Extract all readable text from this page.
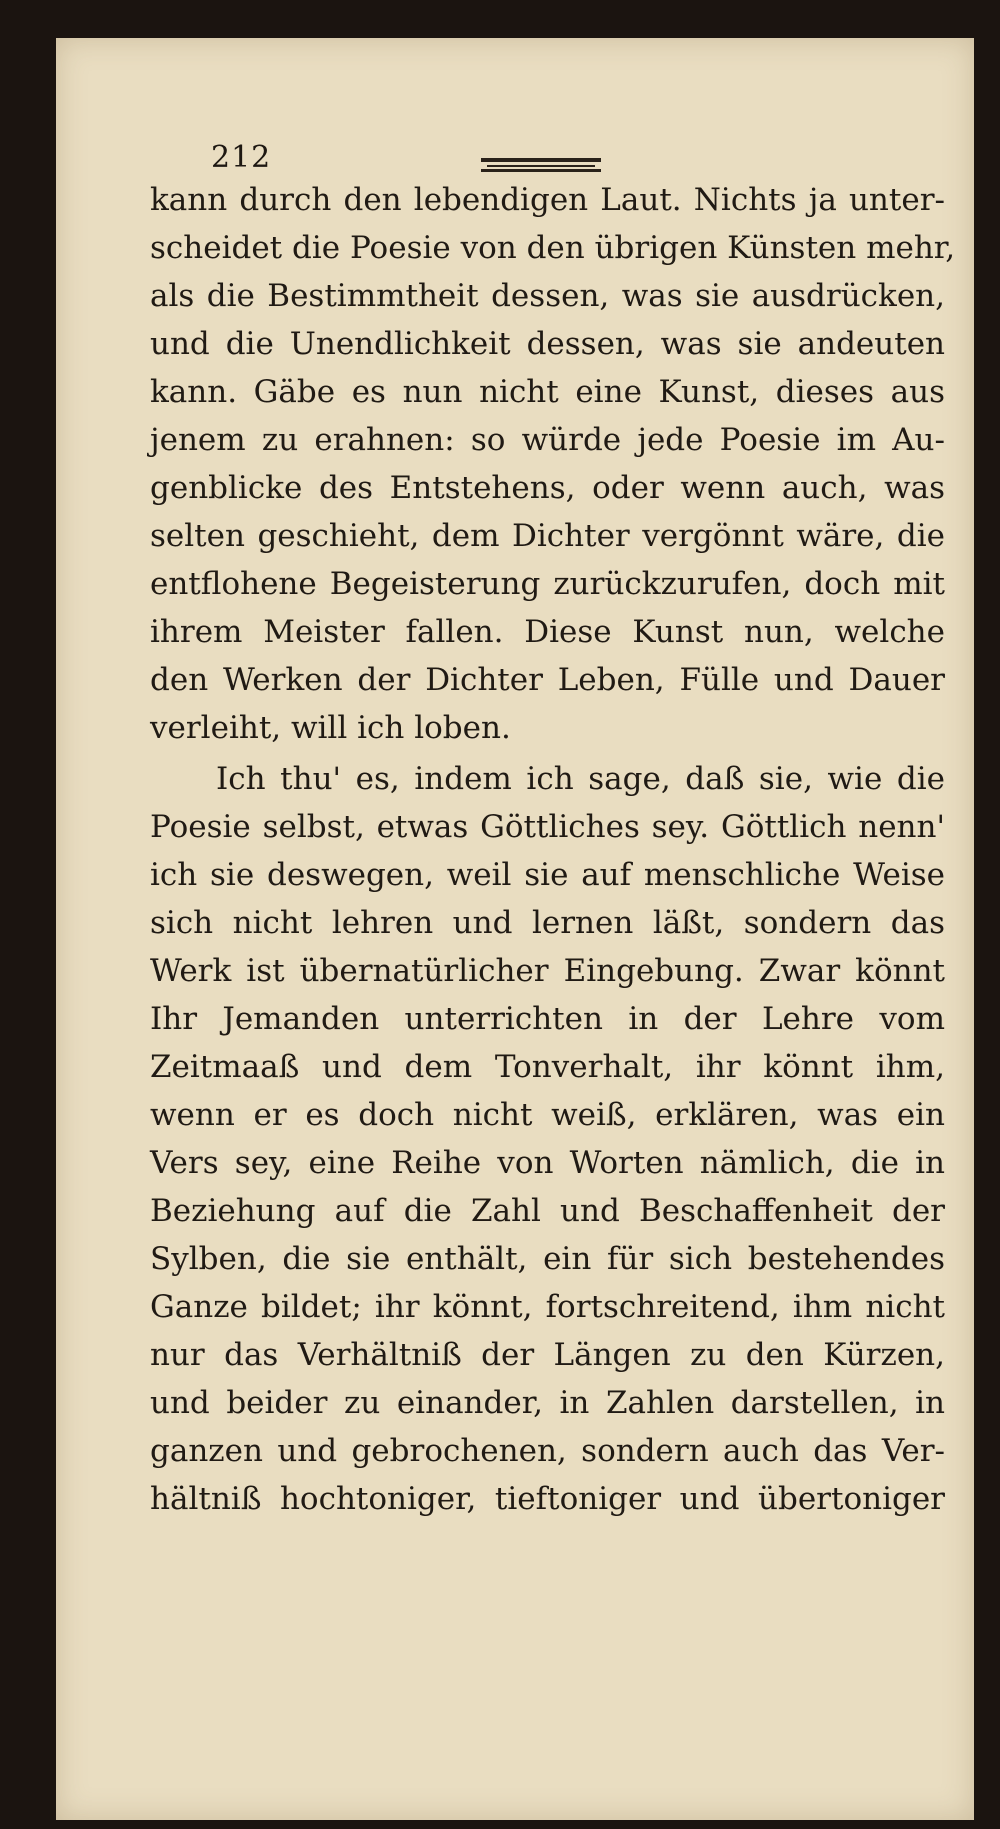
212
kann durch den lebendigen Laut. Nichts ja unter-
scheidet die Poesie von den übrigen Künsten mehr,
als die Bestimmtheit dessen, was sie ausdrücken,
und die Unendlichkeit dessen, was sie andeuten
kann. Gäbe es nun nicht eine Kunst, dieses aus
jenem zu erahnen: so würde jede Poesie im Au-
genblicke des Entstehens, oder wenn auch, was
selten geschieht, dem Dichter vergönnt wäre, die
entflohene Begeisterung zurückzurufen, doch mit
ihrem Meister fallen. Diese Kunst nun, welche
den Werken der Dichter Leben, Fülle und Dauer
verleiht, will ich loben.
Ich thu' es, indem ich sage, daß sie, wie die
Poesie selbst, etwas Göttliches sey. Göttlich nenn'
ich sie deswegen, weil sie auf menschliche Weise
sich nicht lehren und lernen läßt, sondern das
Werk ist übernatürlicher Eingebung. Zwar könnt
Ihr Jemanden unterrichten in der Lehre vom
Zeitmaaß und dem Tonverhalt, ihr könnt ihm,
wenn er es doch nicht weiß, erklären, was ein
Vers sey, eine Reihe von Worten nämlich, die in
Beziehung auf die Zahl und Beschaffenheit der
Sylben, die sie enthält, ein für sich bestehendes
Ganze bildet; ihr könnt, fortschreitend, ihm nicht
nur das Verhältniß der Längen zu den Kürzen,
und beider zu einander, in Zahlen darstellen, in
ganzen und gebrochenen, sondern auch das Ver-
hältniß hochtoniger, tieftoniger und übertoniger
